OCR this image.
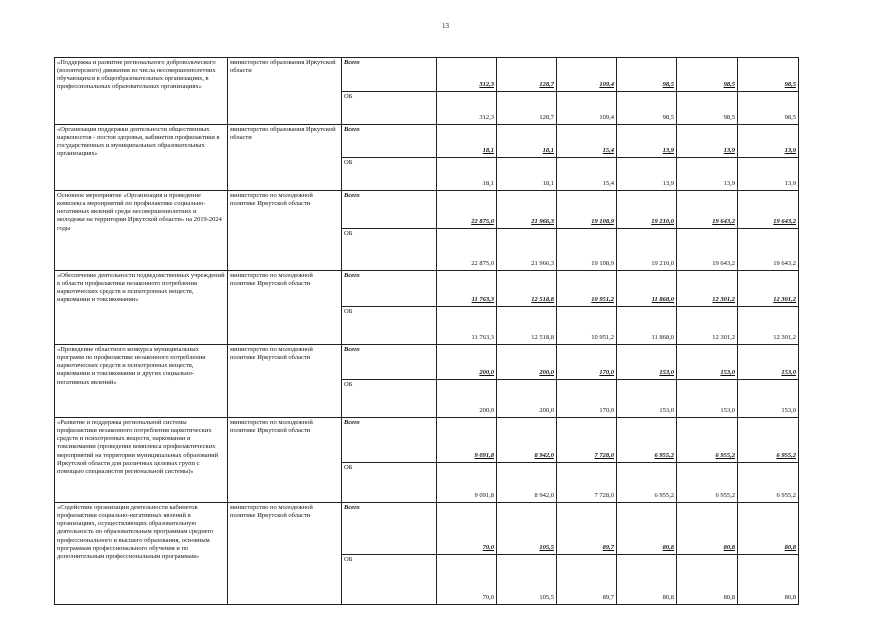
13
«Поддержка и развитие регионального добровольческого (волонтерского) движения из числа несовершеннолетних обучающихся в общеобразовательных организациях, в профессиональных образовательных организациях»	министерство образования Иркутской области	Всего	312,3	128,7	109,4	98,5	98,5	98,5
		ОБ	312,3	128,7	109,4	98,5	98,5	98,5
«Организация поддержки деятельности общественных наркопостов - постов здоровья, кабинетов профилактики в государственных и муниципальных образовательных организациях»	министерство образования Иркутской области	Всего	18,1	18,1	15,4	13,9	13,9	13,9
		ОБ	18,1	18,1	15,4	13,9	13,9	13,9
Основное мероприятие «Организация и проведение комплекса мероприятий по профилактике социально-негативных явлений среди несовершеннолетних и молодежи на территории Иркутской области» на 2019-2024 годы	министерство по молодежной политике Иркутской области	Всего	22 875,0	21 966,3	19 108,9	19 210,0	19 643,2	19 643,2
		ОБ	22 875,0	21 966,3	19 108,9	19 210,0	19 643,2	19 643,2
«Обеспечение деятельности подведомственных учреждений в области профилактики незаконного потребления наркотических средств и психотропных веществ, наркомании и токсикомании»	министерство по молодежной политике Иркутской области	Всего	11 763,3	12 518,8	10 951,2	11 868,0	12 301,2	12 301,2
		ОБ	11 763,3	12 518,8	10 951,2	11 868,0	12 301,2	12 301,2
«Проведение областного конкурса муниципальных программ по профилактике незаконного потребления наркотических средств и психотропных веществ, наркомании и токсикомании и других социально-негативных явлений»	министерство по молодежной политике Иркутской области	Всего	200,0	200,0	170,0	153,0	153,0	153,0
		ОБ	200,0	200,0	170,0	153,0	153,0	153,0
«Развитие и поддержка региональной системы профилактики незаконного потребления наркотических средств и психотропных веществ, наркомании и токсикомании (проведение комплекса профилактических мероприятий на территории муниципальных образований Иркутской области для различных целевых групп с помощью специалистов региональной системы)»	министерство по молодежной политике Иркутской области	Всего	9 091,8	8 942,0	7 728,0	6 955,2	6 955,2	6 955,2
		ОБ	9 091,8	8 942,0	7 728,0	6 955,2	6 955,2	6 955,2
«Содействие организации деятельности кабинетов профилактики социально-негативных явлений в организациях, осуществляющих образовательную деятельность по образовательным программам среднего профессионального и высшего образования, основным программам профессионального обучения и по дополнительным профессиональным программам»	министерство по молодежной политике Иркутской области	Всего	70,0	105,5	89,7	80,8	80,8	80,8
		ОБ	70,0	105,5	89,7	80,8	80,8	80,8
